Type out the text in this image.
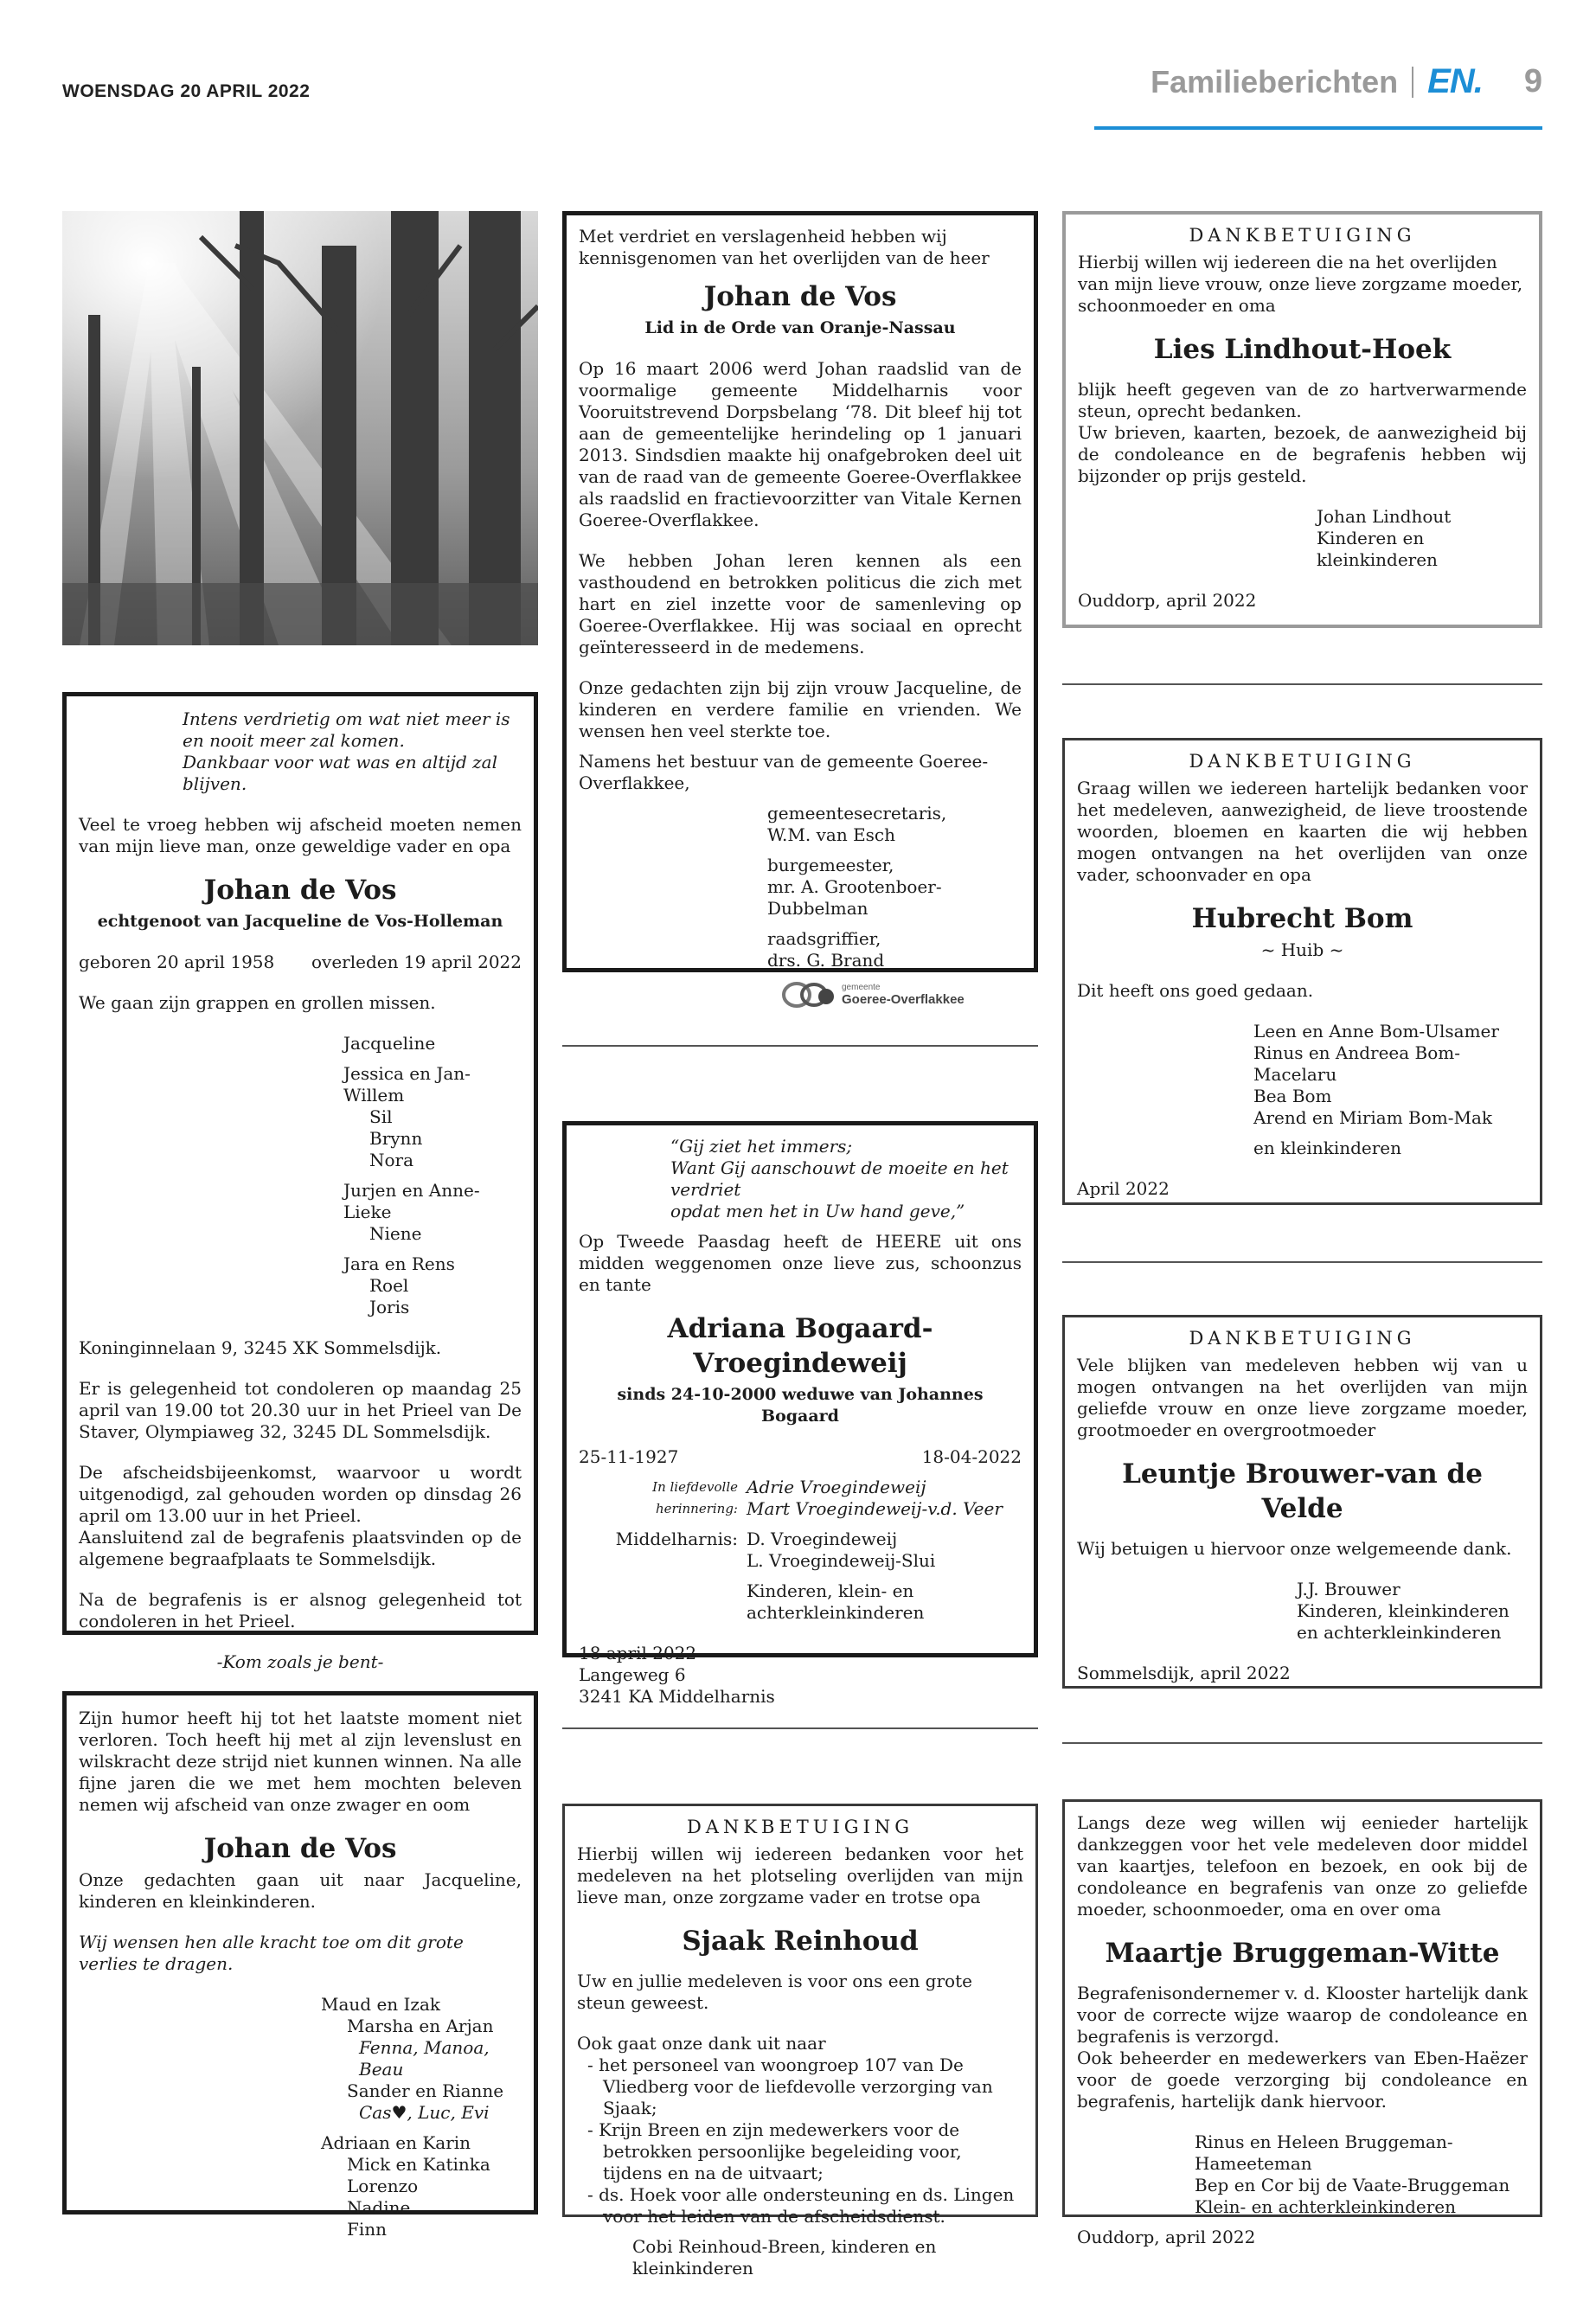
WOENSDAG 20 APRIL 2022	Familieberichten EN. 9

Intens verdrietig om wat niet meer is en nooit meer zal komen.

Dankbaar voor wat was en altijd zal blijven.

Veel te vroeg hebben wij afscheid moeten nemen van mijn lieve man, onze geweldige vader en opa

Johan de Vos
echtgenoot van Jacqueline de Vos-Holleman
geboren 20 april 1958 overleden 19 april 2022

We gaan zijn grappen en grollen missen.

Jacqueline

Jessica en Jan-Willem

Sil

Brynn

Nora

Jurjen en Anne-Lieke

Niene

Jara en Rens

Roel

Joris

Koninginnelaan 9, 3245 XK Sommelsdijk.

Er is gelegenheid tot condoleren op maandag 25 april van 19.00 tot 20.30 uur in het Prieel van De Staver, Olympiaweg 32, 3245 DL Sommelsdijk.

De afscheidsbijeenkomst, waarvoor u wordt uitgenodigd, zal gehouden worden op dinsdag 26 april om 13.00 uur in het Prieel.

Aansluitend zal de begrafenis plaatsvinden op de algemene begraafplaats te Sommelsdijk.

Na de begrafenis is er alsnog gelegenheid tot condoleren in het Prieel.

-Kom zoals je bent-

Zijn humor heeft hij tot het laatste moment niet verloren. Toch heeft hij met al zijn levenslust en wilskracht deze strijd niet kunnen winnen. Na alle fijne jaren die we met hem mochten beleven nemen wij afscheid van onze zwager en oom

Johan de Vos

Onze gedachten gaan uit naar Jacqueline, kinderen en kleinkinderen.

Wij wensen hen alle kracht toe om dit grote verlies te dragen.

Maud en Izak

Marsha en Arjan

Fenna, Manoa, Beau

Sander en Rianne

Cas♥, Luc, Evi

Adriaan en Karin

Mick en Katinka

Lorenzo

Nadine

Finn

Met verdriet en verslagenheid hebben wij kennisgenomen van het overlijden van de heer

Johan de Vos
Lid in de Orde van Oranje-Nassau

Op 16 maart 2006 werd Johan raadslid van de voormalige gemeente Middelharnis voor Vooruitstrevend Dorpsbelang ‘78. Dit bleef hij tot aan de gemeentelijke herindeling op 1 januari 2013. Sindsdien maakte hij onafgebroken deel uit van de raad van de gemeente Goeree-Overflakkee als raadslid en fractievoorzitter van Vitale Kernen Goeree-Overflakkee.

We hebben Johan leren kennen als een vasthoudend en betrokken politicus die zich met hart en ziel inzette voor de samenleving op Goeree-Overflakkee. Hij was sociaal en oprecht geïnteresseerd in de medemens.

Onze gedachten zijn bij zijn vrouw Jacqueline, de kinderen en verdere familie en vrienden. We wensen hen veel sterkte toe.

Namens het bestuur van de gemeente Goeree-Overflakkee,

gemeentesecretaris,

W.M. van Esch

burgemeester,

mr. A. Grootenboer-Dubbelman

raadsgriffier,

drs. G. Brand

gemeente
Goeree-Overflakkee

“Gij ziet het immers;

Want Gij aanschouwt de moeite en het verdriet

opdat men het in Uw hand geve,”

Op Tweede Paasdag heeft de HEERE uit ons midden weggenomen onze lieve zus, schoonzus en tante

Adriana Bogaard-Vroegindeweij
sinds 24-10-2000 weduwe van Johannes Bogaard
25-11-1927	18-04-2022

In liefdevolle herinnering:

Adrie Vroegindeweij

Mart Vroegindeweij-v.d. Veer

Middelharnis: D. Vroegindeweij

L. Vroegindeweij-Slui

Kinderen, klein- en

achterkleinkinderen

18 april 2022

Langeweg 6

3241 KA Middelharnis

DANKBETUIGING

Hierbij willen wij iedereen bedanken voor het medeleven na het plotseling overlijden van mijn lieve man, onze zorgzame vader en trotse opa

Sjaak Reinhoud

Uw en jullie medeleven is voor ons een grote steun geweest.

Ook gaat onze dank uit naar

- het personeel van woongroep 107 van De Vliedberg voor de liefdevolle verzorging van Sjaak;
- Krijn Breen en zijn medewerkers voor de betrokken persoonlijke begeleiding voor, tijdens en na de uitvaart;
- ds. Hoek voor alle ondersteuning en ds. Lingen voor het leiden van de afscheidsdienst.

Cobi Reinhoud-Breen, kinderen en kleinkinderen

DANKBETUIGING

Hierbij willen wij iedereen die na het overlijden van mijn lieve vrouw, onze lieve zorgzame moeder, schoonmoeder en oma

Lies Lindhout-Hoek

blijk heeft gegeven van de zo hartverwarmende steun, oprecht bedanken.

Uw brieven, kaarten, bezoek, de aanwezigheid bij de condoleance en de begrafenis hebben wij bijzonder op prijs gesteld.

Johan Lindhout

Kinderen en kleinkinderen

Ouddorp, april 2022

DANKBETUIGING

Graag willen we iedereen hartelijk bedanken voor het medeleven, aanwezigheid, de lieve troostende woorden, bloemen en kaarten die wij hebben mogen ontvangen na het overlijden van onze vader, schoonvader en opa

Hubrecht Bom

~ Huib ~

Dit heeft ons goed gedaan.

Leen en Anne Bom-Ulsamer

Rinus en Andreea Bom-Macelaru

Bea Bom

Arend en Miriam Bom-Mak

en kleinkinderen

April 2022

DANKBETUIGING

Vele blijken van medeleven hebben wij van u mogen ontvangen na het overlijden van mijn geliefde vrouw en onze lieve zorgzame moeder, grootmoeder en overgrootmoeder

Leuntje Brouwer-van de Velde

Wij betuigen u hiervoor onze welgemeende dank.

J.J. Brouwer

Kinderen, kleinkinderen

en achterkleinkinderen

Sommelsdijk, april 2022

Langs deze weg willen wij eenieder hartelijk dankzeggen voor het vele medeleven door middel van kaartjes, telefoon en bezoek, en ook bij de condoleance en begrafenis van onze zo geliefde moeder, schoonmoeder, oma en over oma

Maartje Bruggeman-Witte

Begrafenisondernemer v. d. Klooster hartelijk dank voor de correcte wijze waarop de condoleance en begrafenis is verzorgd.

Ook beheerder en medewerkers van Eben-Haëzer voor de goede verzorging bij condoleance en begrafenis, hartelijk dank hiervoor.

Rinus en Heleen Bruggeman-Hameeteman

Bep en Cor bij de Vaate-Bruggeman

Klein- en achterkleinkinderen

Ouddorp, april 2022
